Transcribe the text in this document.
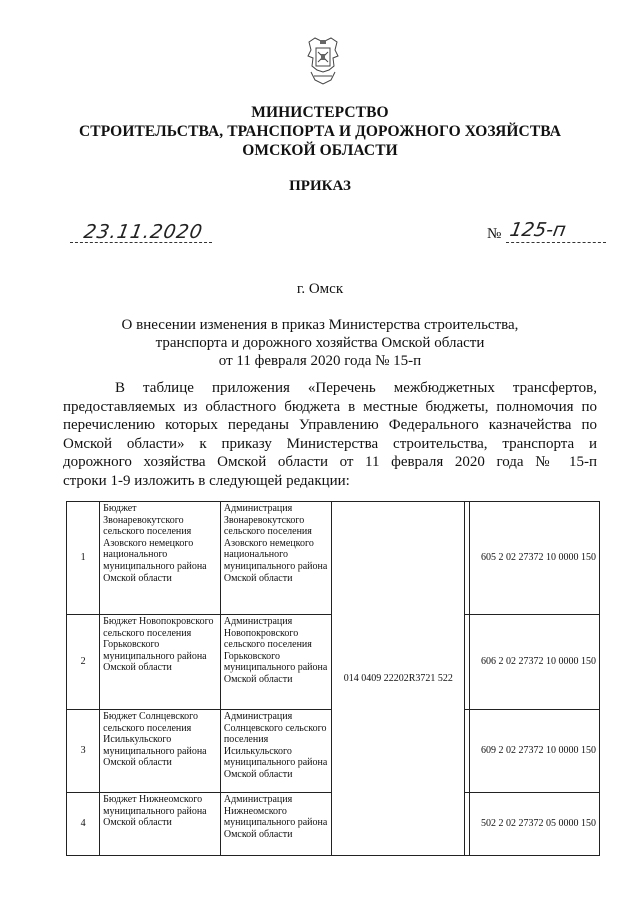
МИНИСТЕРСТВО
СТРОИТЕЛЬСТВА, ТРАНСПОРТА И ДОРОЖНОГО ХОЗЯЙСТВА
ОМСКОЙ ОБЛАСТИ
ПРИКАЗ
23.11.2020	№ 125-п
г. Омск
О внесении изменения в приказ Министерства строительства,
транспорта и дорожного хозяйства Омской области
от 11 февраля 2020 года № 15-п
В таблице приложения «Перечень межбюджетных трансфертов,
предоставляемых из областного бюджета в местные бюджеты, полномочия по
перечислению которых переданы Управлению Федерального казначейства по
Омской области» к приказу Министерства строительства, транспорта и
дорожного хозяйства Омской области от 11 февраля 2020 года № 15-п
строки 1-9 изложить в следующей редакции:
1	Бюджет Звонаревокутского сельского поселения Азовского немецкого национального муниципального района Омской области	Администрация Звонаревокутского сельского поселения Азовского немецкого национального муниципального района Омской области	014 0409 22202R3721 522		605 2 02 27372 10 0000 150
2	Бюджет Новопокровского сельского поселения Горьковского муниципального района Омской области	Администрация Новопокровского сельского поселения Горьковского муниципального района Омской области			606 2 02 27372 10 0000 150
3	Бюджет Солнцевского сельского поселения Исилькульского муниципального района Омской области	Администрация Солнцевского сельского поселения Исилькульского муниципального района Омской области			609 2 02 27372 10 0000 150
4	Бюджет Нижнеомского муниципального района Омской области	Администрация Нижнеомского муниципального района Омской области			502 2 02 27372 05 0000 150
